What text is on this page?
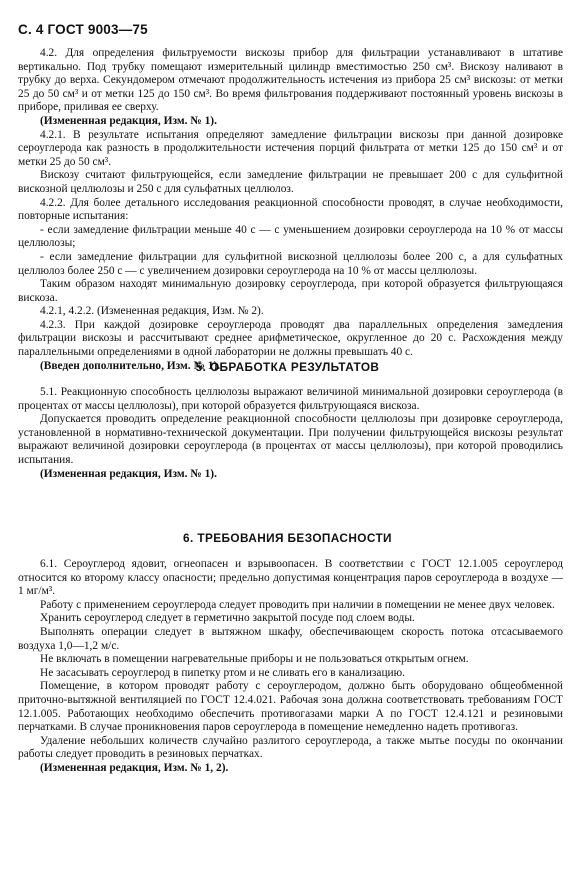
С. 4 ГОСТ 9003—75

4.2. Для определения фильтруемости вискозы прибор для фильтрации устанавливают в штативе вертикально. Под трубку помещают измерительный цилиндр вместимостью 250 см³. Вискозу наливают в трубку до верха. Секундомером отмечают продолжительность истечения из прибора 25 см³ вискозы: от метки 25 до 50 см³ и от метки 125 до 150 см³. Во время фильтрования поддерживают постоянный уровень вискозы в приборе, приливая ее сверху.

(Измененная редакция, Изм. № 1).

4.2.1. В результате испытания определяют замедление фильтрации вискозы при данной дозировке сероуглерода как разность в продолжительности истечения порций фильтрата от метки 125 до 150 см³ и от метки 25 до 50 см³.

Вискозу считают фильтрующейся, если замедление фильтрации не превышает 200 с для сульфитной вискозной целлюлозы и 250 с для сульфатных целлюлоз.

4.2.2. Для более детального исследования реакционной способности проводят, в случае необходимости, повторные испытания:

- если замедление фильтрации меньше 40 с — с уменьшением дозировки сероуглерода на 10 % от массы целлюлозы;

- если замедление фильтрации для сульфитной вискозной целлюлозы более 200 с, а для сульфатных целлюлоз более 250 с — с увеличением дозировки сероуглерода на 10 % от массы целлюлозы.

Таким образом находят минимальную дозировку сероуглерода, при которой образуется фильтрующаяся вискоза.

4.2.1, 4.2.2. (Измененная редакция, Изм. № 2).

4.2.3. При каждой дозировке сероуглерода проводят два параллельных определения замедления фильтрации вискозы и рассчитывают среднее арифметическое, округленное до 20 с. Расхождения между параллельными определениями в одной лаборатории не должны превышать 40 с.

(Введен дополнительно, Изм. № 1).

5. ОБРАБОТКА РЕЗУЛЬТАТОВ

5.1. Реакционную способность целлюлозы выражают величиной минимальной дозировки сероуглерода (в процентах от массы целлюлозы), при которой образуется фильтрующаяся вискоза.

Допускается проводить определение реакционной способности целлюлозы при дозировке сероуглерода, установленной в нормативно-технической документации. При получении фильтрующейся вискозы результат выражают величиной дозировки сероуглерода (в процентах от массы целлюлозы), при которой проводились испытания.

(Измененная редакция, Изм. № 1).

6. ТРЕБОВАНИЯ БЕЗОПАСНОСТИ

6.1. Сероуглерод ядовит, огнеопасен и взрывоопасен. В соответствии с ГОСТ 12.1.005 сероуглерод относится ко второму классу опасности; предельно допустимая концентрация паров сероуглерода в воздухе — 1 мг/м³.

Работу с применением сероуглерода следует проводить при наличии в помещении не менее двух человек.

Хранить сероуглерод следует в герметично закрытой посуде под слоем воды.

Выполнять операции следует в вытяжном шкафу, обеспечивающем скорость потока отсасываемого воздуха 1,0—1,2 м/с.

Не включать в помещении нагревательные приборы и не пользоваться открытым огнем.

Не засасывать сероуглерод в пипетку ртом и не сливать его в канализацию.

Помещение, в котором проводят работу с сероуглеродом, должно быть оборудовано общеобменной приточно-вытяжной вентиляцией по ГОСТ 12.4.021. Рабочая зона должна соответствовать требованиям ГОСТ 12.1.005. Работающих необходимо обеспечить противогазами марки А по ГОСТ 12.4.121 и резиновыми перчатками. В случае проникновения паров сероуглерода в помещение немедленно надеть противогаз.

Удаление небольших количеств случайно разлитого сероуглерода, а также мытье посуды по окончании работы следует проводить в резиновых перчатках.

(Измененная редакция, Изм. № 1, 2).
